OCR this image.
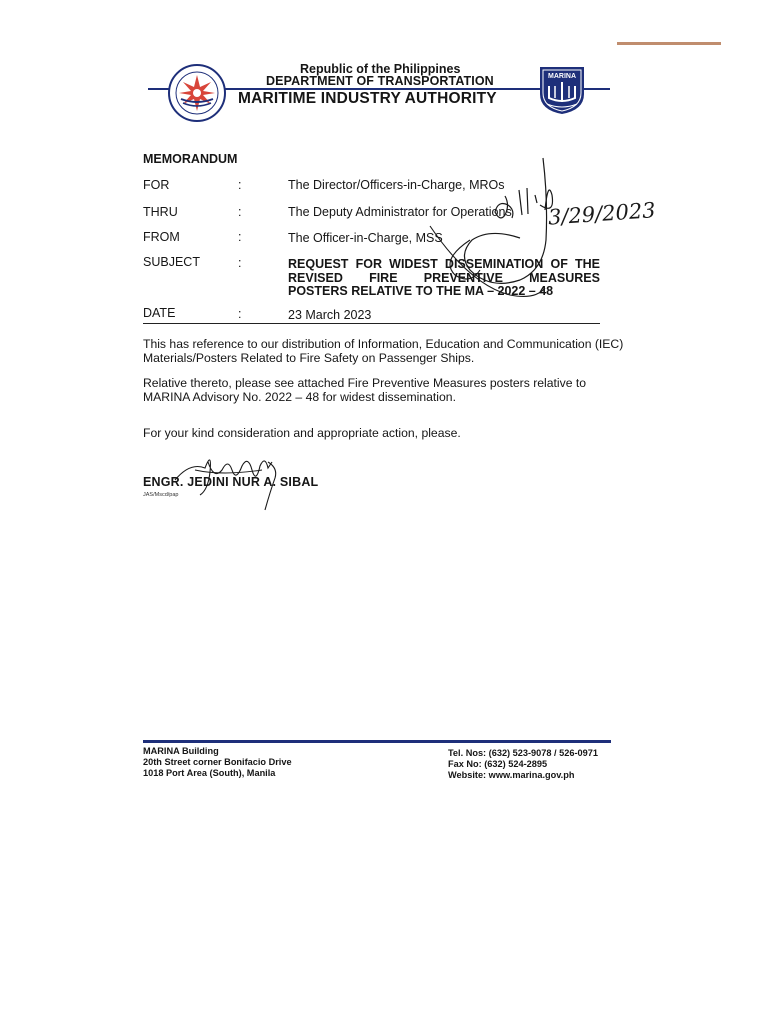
Republic of the Philippines
DEPARTMENT OF TRANSPORTATION
MARITIME INDUSTRY AUTHORITY
MARINA
MEMORANDUM
FOR	:	The Director/Officers-in-Charge, MROs
THRU	:	The Deputy Administrator for Operations
FROM	:	The Officer-in-Charge, MSS
SUBJECT	:	REQUEST FOR WIDEST DISSEMINATION OF THE
REVISED FIRE PREVENTIVE MEASURES
POSTERS RELATIVE TO THE MA – 2022 – 48
DATE	:	23 March 2023
This has reference to our distribution of Information, Education and Communication (IEC) Materials/Posters Related to Fire Safety on Passenger Ships.
Relative thereto, please see attached Fire Preventive Measures posters relative to MARINA Advisory No. 2022 – 48 for widest dissemination.
For your kind consideration and appropriate action, please.
ENGR. JEDINI NUR A. SIBAL
JAS/Mscd/pap
3/29/2023
MARINA Building
20th Street corner Bonifacio Drive
1018 Port Area (South), Manila
Tel. Nos: (632) 523-9078 / 526-0971
Fax No: (632) 524-2895
Website: www.marina.gov.ph
